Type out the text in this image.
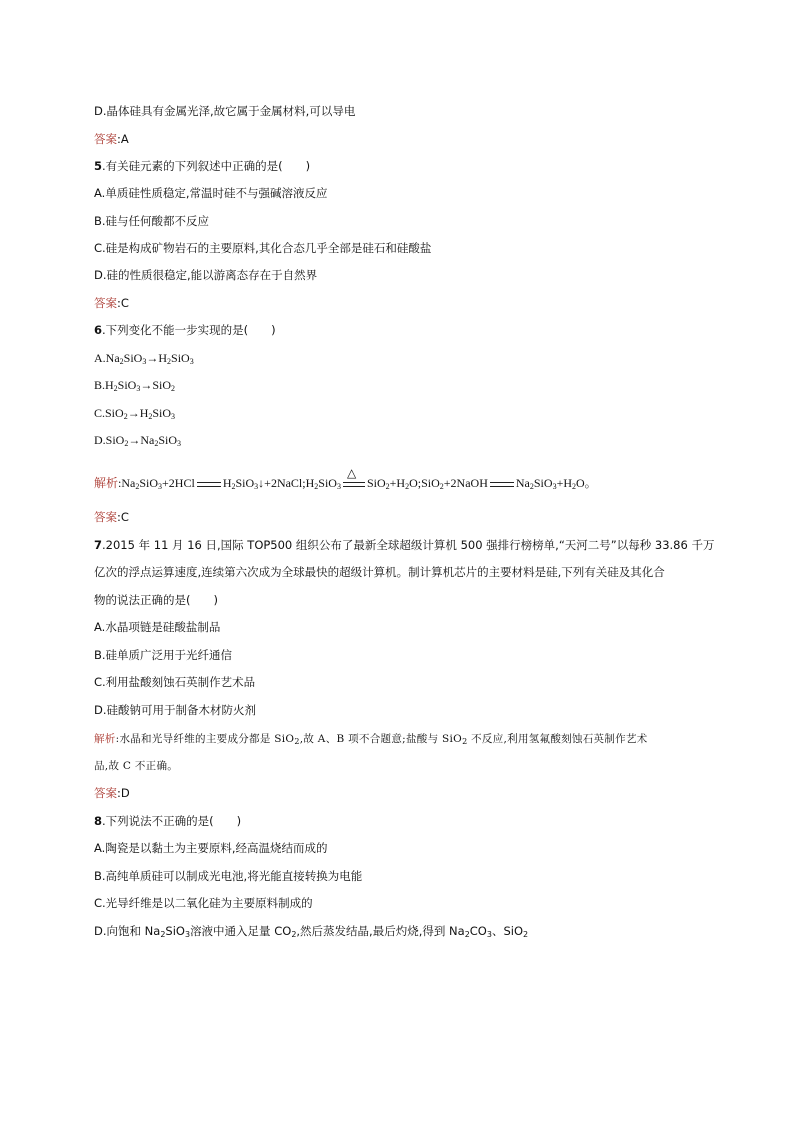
D.晶体硅具有金属光泽,故它属于金属材料,可以导电
答案:A
5.有关硅元素的下列叙述中正确的是(　　)
A.单质硅性质稳定,常温时硅不与强碱溶液反应
B.硅与任何酸都不反应
C.硅是构成矿物岩石的主要原料,其化合态几乎全部是硅石和硅酸盐
D.硅的性质很稳定,能以游离态存在于自然界
答案:C
6.下列变化不能一步实现的是(　　)
$A.Na_2SiO_3\to H_2SiO_3$
$B.H_2SiO_3\to SiO_2$
$C.SiO_2\to H_2SiO_3$
$D.SiO_2\to Na_2SiO_3$
解析$:Na_2SiO_3+2HCl$ $H_2SiO_3↓+2NaCl;H_2SiO_3$
△
$SiO_2+H_2O;SiO_2+2NaOH$ $Na_2SiO_3+H_2O$。
答案:C
7.2015 年 11 月 16 日,国际 TOP500 组织公布了最新全球超级计算机 500 强排行榜榜单,“天河二号”以每秒 33.86 千万
亿次的浮点运算速度,连续第六次成为全球最快的超级计算机。制计算机芯片的主要材料是硅,下列有关硅及其化合
物的说法正确的是(　　)
A.水晶项链是硅酸盐制品
B.硅单质广泛用于光纤通信
C.利用盐酸刻蚀石英制作艺术品
D.硅酸钠可用于制备木材防火剂
解析:水晶和光导纤维的主要成分都是 SiO$_2$,故 A、B 项不合题意;盐酸与 SiO$_2$ 不反应,利用氢氟酸刻蚀石英制作艺术
品,故 C 不正确。
答案:D
8.下列说法不正确的是(　　)
A.陶瓷是以黏土为主要原料,经高温烧结而成的
B.高纯单质硅可以制成光电池,将光能直接转换为电能
C.光导纤维是以二氧化硅为主要原料制成的
D.向饱和 $Na_2SiO_3$溶液中通入足量 $CO_2$,然后蒸发结晶,最后灼烧,得到 $Na_2CO_3$、SiO$_2$
